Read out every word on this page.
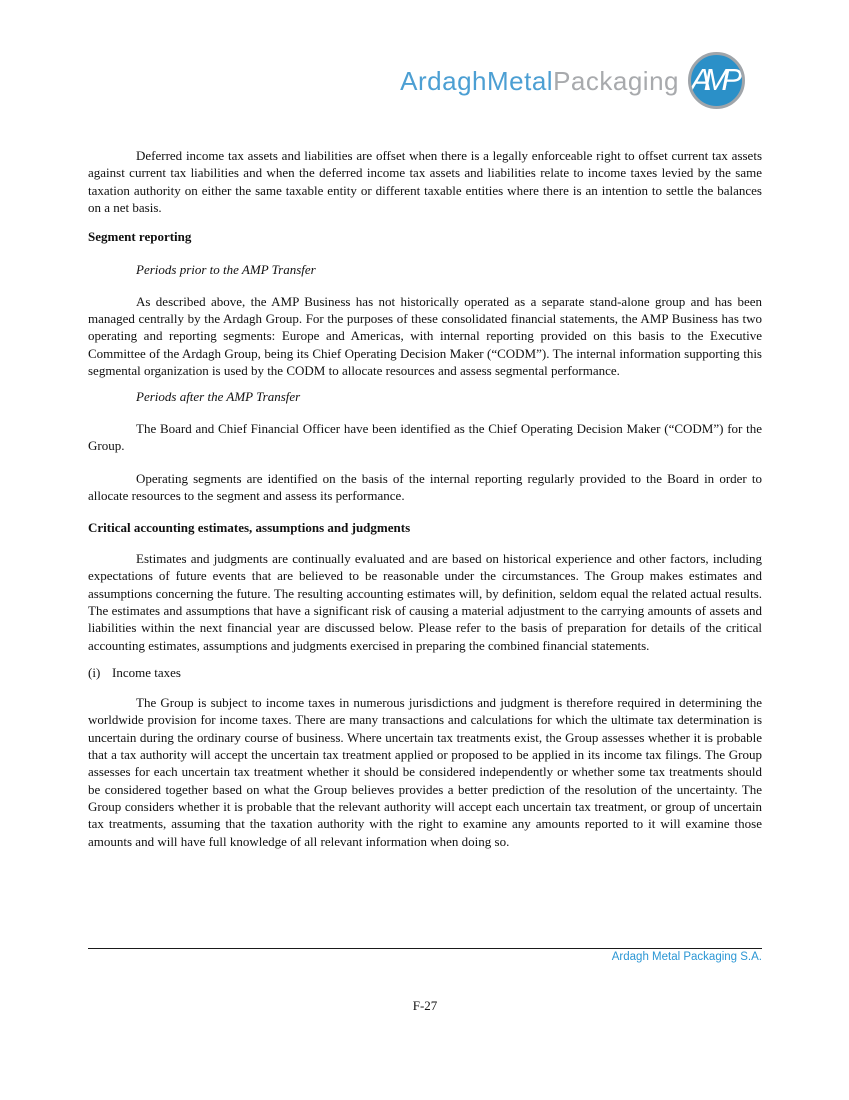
ArdaghMetalPackaging AMP

Deferred income tax assets and liabilities are offset when there is a legally enforceable right to offset current tax assets against current tax liabilities and when the deferred income tax assets and liabilities relate to income taxes levied by the same taxation authority on either the same taxable entity or different taxable entities where there is an intention to settle the balances on a net basis.

Segment reporting

Periods prior to the AMP Transfer

As described above, the AMP Business has not historically operated as a separate stand-alone group and has been managed centrally by the Ardagh Group. For the purposes of these consolidated financial statements, the AMP Business has two operating and reporting segments: Europe and Americas, with internal reporting provided on this basis to the Executive Committee of the Ardagh Group, being its Chief Operating Decision Maker (“CODM”). The internal information supporting this segmental organization is used by the CODM to allocate resources and assess segmental performance.

Periods after the AMP Transfer

The Board and Chief Financial Officer have been identified as the Chief Operating Decision Maker (“CODM”) for the Group.

Operating segments are identified on the basis of the internal reporting regularly provided to the Board in order to allocate resources to the segment and assess its performance.

Critical accounting estimates, assumptions and judgments

Estimates and judgments are continually evaluated and are based on historical experience and other factors, including expectations of future events that are believed to be reasonable under the circumstances. The Group makes estimates and assumptions concerning the future. The resulting accounting estimates will, by definition, seldom equal the related actual results. The estimates and assumptions that have a significant risk of causing a material adjustment to the carrying amounts of assets and liabilities within the next financial year are discussed below. Please refer to the basis of preparation for details of the critical accounting estimates, assumptions and judgments exercised in preparing the combined financial statements.

(i) Income taxes

The Group is subject to income taxes in numerous jurisdictions and judgment is therefore required in determining the worldwide provision for income taxes. There are many transactions and calculations for which the ultimate tax determination is uncertain during the ordinary course of business. Where uncertain tax treatments exist, the Group assesses whether it is probable that a tax authority will accept the uncertain tax treatment applied or proposed to be applied in its income tax filings. The Group assesses for each uncertain tax treatment whether it should be considered independently or whether some tax treatments should be considered together based on what the Group believes provides a better prediction of the resolution of the uncertainty. The Group considers whether it is probable that the relevant authority will accept each uncertain tax treatment, or group of uncertain tax treatments, assuming that the taxation authority with the right to examine any amounts reported to it will examine those amounts and will have full knowledge of all relevant information when doing so.

Ardagh Metal Packaging S.A.
F-27
